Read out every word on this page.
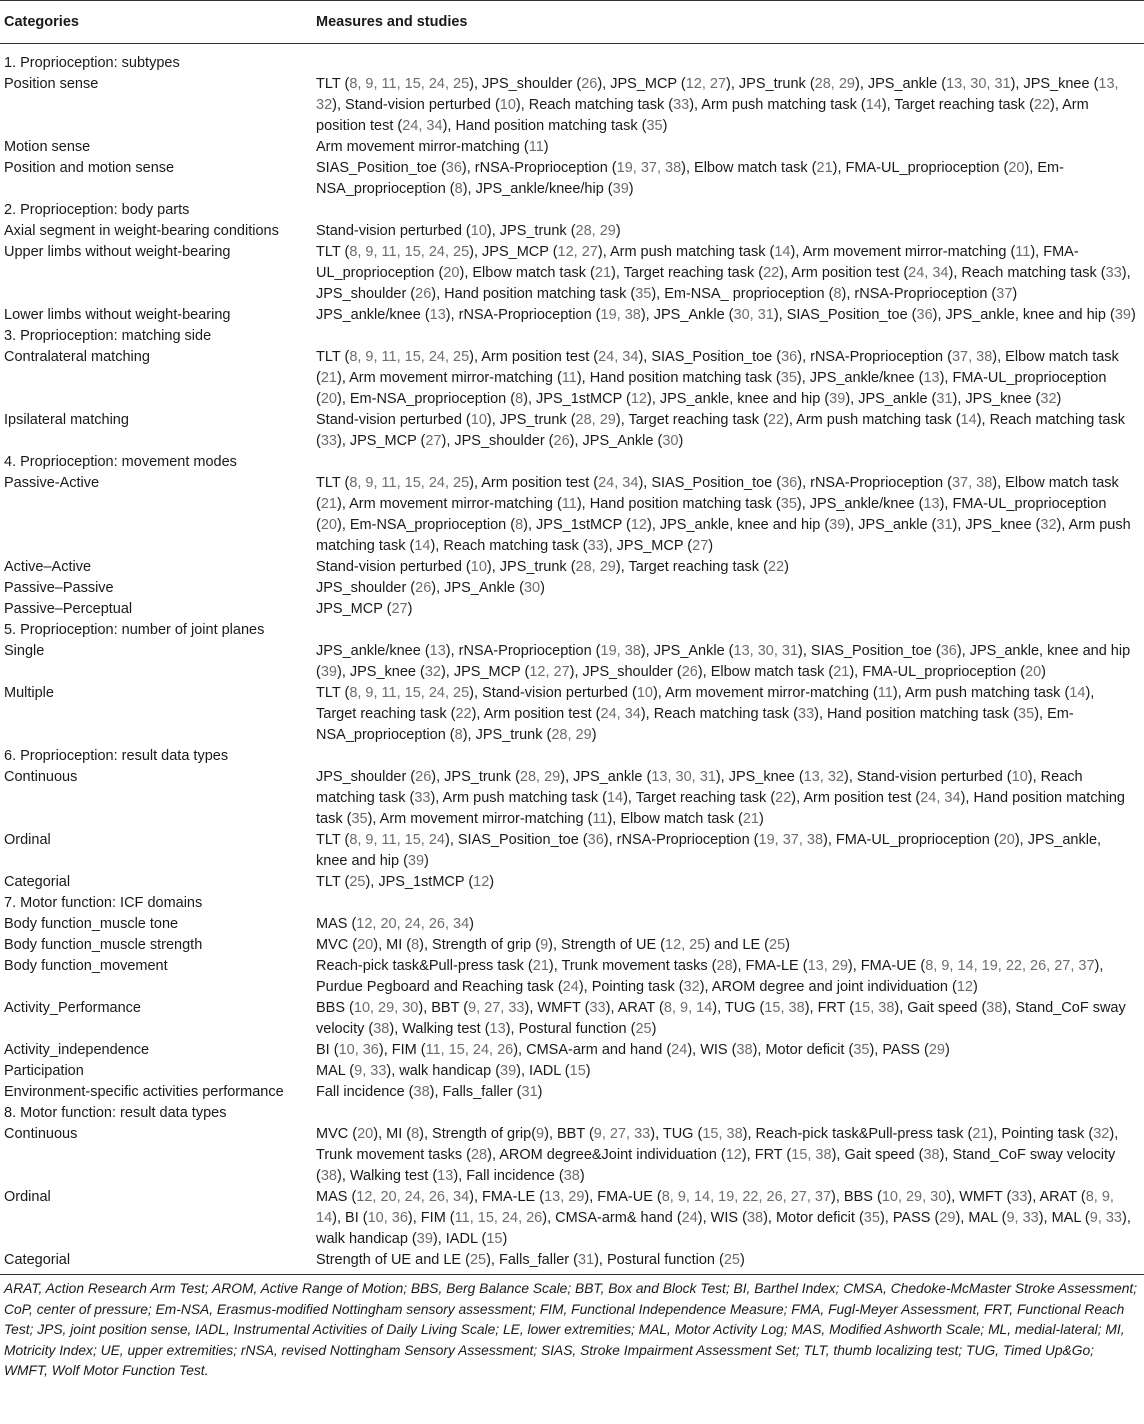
Categories	Measures and studies
1. Proprioception: subtypes	
Position sense	TLT (8, 9, 11, 15, 24, 25), JPS_shoulder (26), JPS_MCP (12, 27), JPS_trunk (28, 29), JPS_ankle (13, 30, 31), JPS_knee (13, 32), Stand-vision perturbed (10), Reach matching task (33), Arm push matching task (14), Target reaching task (22), Arm position test (24, 34), Hand position matching task (35)
Motion sense	Arm movement mirror-matching (11)
Position and motion sense	SIAS_Position_toe (36), rNSA-Proprioception (19, 37, 38), Elbow match task (21), FMA-UL_proprioception (20), Em-NSA_proprioception (8), JPS_ankle/knee/hip (39)
2. Proprioception: body parts	
Axial segment in weight-bearing conditions	Stand-vision perturbed (10), JPS_trunk (28, 29)
Upper limbs without weight-bearing	TLT (8, 9, 11, 15, 24, 25), JPS_MCP (12, 27), Arm push matching task (14), Arm movement mirror-matching (11), FMA-UL_proprioception (20), Elbow match task (21), Target reaching task (22), Arm position test (24, 34), Reach matching task (33), JPS_shoulder (26), Hand position matching task (35), Em-NSA_ proprioception (8), rNSA-Proprioception (37)
Lower limbs without weight-bearing	JPS_ankle/knee (13), rNSA-Proprioception (19, 38), JPS_Ankle (30, 31), SIAS_Position_toe (36), JPS_ankle, knee and hip (39)
3. Proprioception: matching side	
Contralateral matching	TLT (8, 9, 11, 15, 24, 25), Arm position test (24, 34), SIAS_Position_toe (36), rNSA-Proprioception (37, 38), Elbow match task (21), Arm movement mirror-matching (11), Hand position matching task (35), JPS_ankle/knee (13), FMA-UL_proprioception (20), Em-NSA_proprioception (8), JPS_1stMCP (12), JPS_ankle, knee and hip (39), JPS_ankle (31), JPS_knee (32)
Ipsilateral matching	Stand-vision perturbed (10), JPS_trunk (28, 29), Target reaching task (22), Arm push matching task (14), Reach matching task (33), JPS_MCP (27), JPS_shoulder (26), JPS_Ankle (30)
4. Proprioception: movement modes	
Passive-Active	TLT (8, 9, 11, 15, 24, 25), Arm position test (24, 34), SIAS_Position_toe (36), rNSA-Proprioception (37, 38), Elbow match task (21), Arm movement mirror-matching (11), Hand position matching task (35), JPS_ankle/knee (13), FMA-UL_proprioception (20), Em-NSA_proprioception (8), JPS_1stMCP (12), JPS_ankle, knee and hip (39), JPS_ankle (31), JPS_knee (32), Arm push matching task (14), Reach matching task (33), JPS_MCP (27)
Active–Active	Stand-vision perturbed (10), JPS_trunk (28, 29), Target reaching task (22)
Passive–Passive	JPS_shoulder (26), JPS_Ankle (30)
Passive–Perceptual	JPS_MCP (27)
5. Proprioception: number of joint planes	
Single	JPS_ankle/knee (13), rNSA-Proprioception (19, 38), JPS_Ankle (13, 30, 31), SIAS_Position_toe (36), JPS_ankle, knee and hip (39), JPS_knee (32), JPS_MCP (12, 27), JPS_shoulder (26), Elbow match task (21), FMA-UL_proprioception (20)
Multiple	TLT (8, 9, 11, 15, 24, 25), Stand-vision perturbed (10), Arm movement mirror-matching (11), Arm push matching task (14), Target reaching task (22), Arm position test (24, 34), Reach matching task (33), Hand position matching task (35), Em-NSA_proprioception (8), JPS_trunk (28, 29)
6. Proprioception: result data types	
Continuous	JPS_shoulder (26), JPS_trunk (28, 29), JPS_ankle (13, 30, 31), JPS_knee (13, 32), Stand-vision perturbed (10), Reach matching task (33), Arm push matching task (14), Target reaching task (22), Arm position test (24, 34), Hand position matching task (35), Arm movement mirror-matching (11), Elbow match task (21)
Ordinal	TLT (8, 9, 11, 15, 24), SIAS_Position_toe (36), rNSA-Proprioception (19, 37, 38), FMA-UL_proprioception (20), JPS_ankle, knee and hip (39)
Categorial	TLT (25), JPS_1stMCP (12)
7. Motor function: ICF domains	
Body function_muscle tone	MAS (12, 20, 24, 26, 34)
Body function_muscle strength	MVC (20), MI (8), Strength of grip (9), Strength of UE (12, 25) and LE (25)
Body function_movement	Reach-pick task&Pull-press task (21), Trunk movement tasks (28), FMA-LE (13, 29), FMA-UE (8, 9, 14, 19, 22, 26, 27, 37), Purdue Pegboard and Reaching task (24), Pointing task (32), AROM degree and joint individuation (12)
Activity_Performance	BBS (10, 29, 30), BBT (9, 27, 33), WMFT (33), ARAT (8, 9, 14), TUG (15, 38), FRT (15, 38), Gait speed (38), Stand_CoF sway velocity (38), Walking test (13), Postural function (25)
Activity_independence	BI (10, 36), FIM (11, 15, 24, 26), CMSA-arm and hand (24), WIS (38), Motor deficit (35), PASS (29)
Participation	MAL (9, 33), walk handicap (39), IADL (15)
Environment-specific activities performance	Fall incidence (38), Falls_faller (31)
8. Motor function: result data types	
Continuous	MVC (20), MI (8), Strength of grip(9), BBT (9, 27, 33), TUG (15, 38), Reach-pick task&Pull-press task (21), Pointing task (32), Trunk movement tasks (28), AROM degree&Joint individuation (12), FRT (15, 38), Gait speed (38), Stand_CoF sway velocity (38), Walking test (13), Fall incidence (38)
Ordinal	MAS (12, 20, 24, 26, 34), FMA-LE (13, 29), FMA-UE (8, 9, 14, 19, 22, 26, 27, 37), BBS (10, 29, 30), WMFT (33), ARAT (8, 9, 14), BI (10, 36), FIM (11, 15, 24, 26), CMSA-arm& hand (24), WIS (38), Motor deficit (35), PASS (29), MAL (9, 33), MAL (9, 33), walk handicap (39), IADL (15)
Categorial	Strength of UE and LE (25), Falls_faller (31), Postural function (25)
ARAT, Action Research Arm Test; AROM, Active Range of Motion; BBS, Berg Balance Scale; BBT, Box and Block Test; BI, Barthel Index; CMSA, Chedoke-McMaster Stroke Assessment; CoP, center of pressure; Em-NSA, Erasmus-modified Nottingham sensory assessment; FIM, Functional Independence Measure; FMA, Fugl-Meyer Assessment, FRT, Functional Reach Test; JPS, joint position sense, IADL, Instrumental Activities of Daily Living Scale; LE, lower extremities; MAL, Motor Activity Log; MAS, Modified Ashworth Scale; ML, medial-lateral; MI, Motricity Index; UE, upper extremities; rNSA, revised Nottingham Sensory Assessment; SIAS, Stroke Impairment Assessment Set; TLT, thumb localizing test; TUG, Timed Up&Go; WMFT, Wolf Motor Function Test.
